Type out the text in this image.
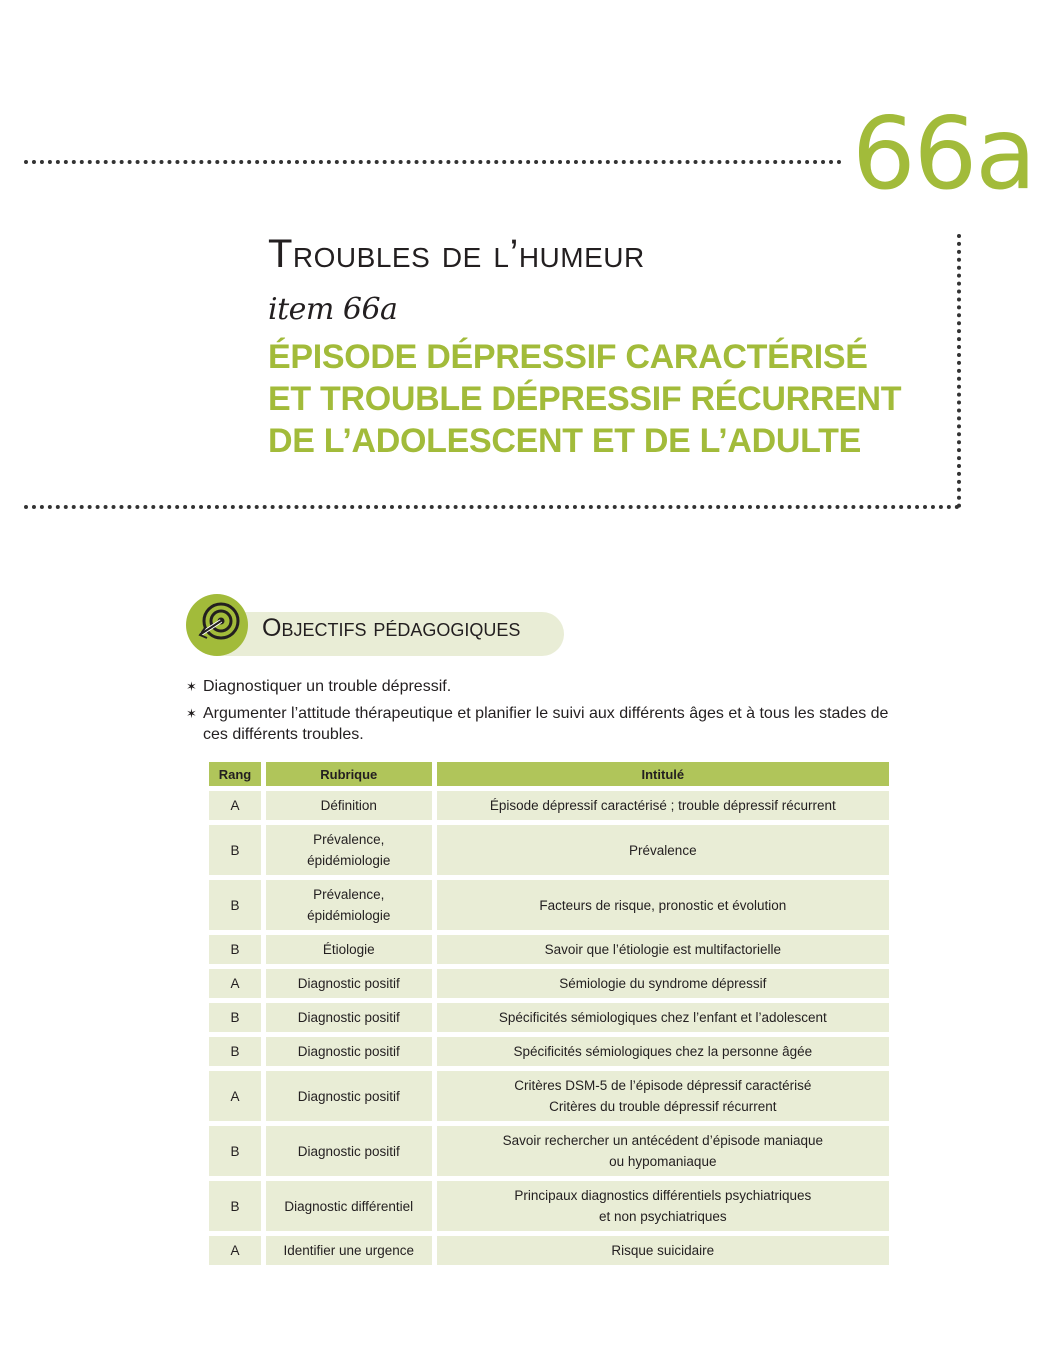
66a
Troubles de l’humeur
item 66a
ÉPISODE DÉPRESSIF CARACTÉRISÉ
ET TROUBLE DÉPRESSIF RÉCURRENT
DE L’ADOLESCENT ET DE L’ADULTE
Objectifs pédagogiques
✶ Diagnostiquer un trouble dépressif.
✶ Argumenter l’attitude thérapeutique et planifier le suivi aux différents âges et à tous les stades de ces différents troubles.
Rang	Rubrique	Intitulé
A	Définition	Épisode dépressif caractérisé ; trouble dépressif récurrent

B	Prévalence,
épidémiologie	Prévalence

B	Prévalence,
épidémiologie	Facteurs de risque, pronostic et évolution

B	Étiologie	Savoir que l’étiologie est multifactorielle

A	Diagnostic positif	Sémiologie du syndrome dépressif

B	Diagnostic positif	Spécificités sémiologiques chez l’enfant et l’adolescent

B	Diagnostic positif	Spécificités sémiologiques chez la personne âgée

A	Diagnostic positif	Critères DSM-5 de l’épisode dépressif caractérisé
Critères du trouble dépressif récurrent

B	Diagnostic positif	Savoir rechercher un antécédent d’épisode maniaque
ou hypomaniaque

B	Diagnostic différentiel	Principaux diagnostics différentiels psychiatriques
et non psychiatriques

A	Identifier une urgence	Risque suicidaire
